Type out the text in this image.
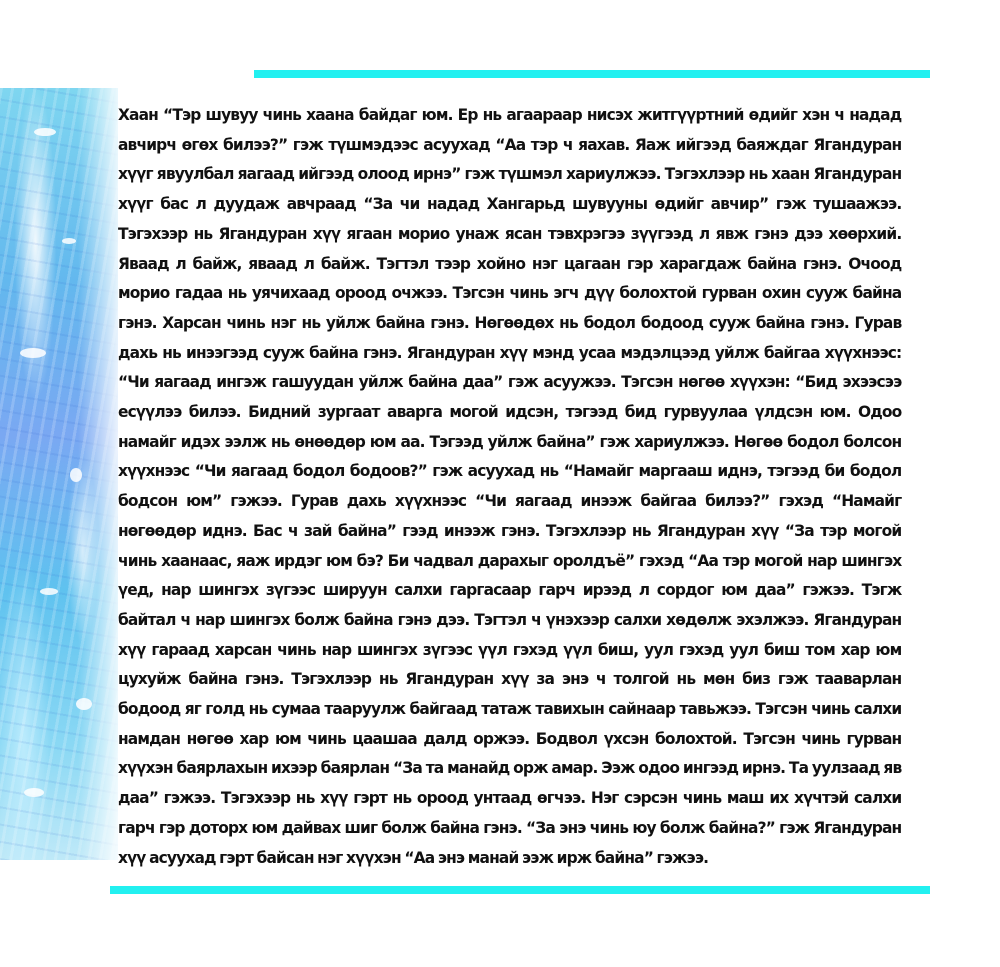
Хаан “Тэр шувуу чинь хаана байдаг юм. Ер нь агаарaap нисэх житгүүртний өдийг хэн ч надад авчирч өгөх билээ?” гэж түшмэдээс асуухад “Аа тэр ч яахав. Яаж ийгээд баяждаг Ягандуран хүүг явуулбал яагаад ийгээд олоод ирнэ” гэж түшмэл хариулжээ. Тэгэхлээр нь хаан Ягандуран хүүг бас л дуудаж авчраад “За чи надад Хангарьд шувууны өдийг авчир” гэж тушаажээ. Тэгэхээр нь Ягандуран хүү ягаан морио унаж ясан тэвхрэгээ зүүгээд л явж гэнэ дээ хөөрхий. Яваад л байж, яваад л байж. Тэгтэл тээр хойно нэг цагаан гэр харагдаж байна гэнэ. Очоод морио гадаа нь уячихаад ороод очжээ. Тэгсэн чинь эгч дүү болохтой гурван охин сууж байна гэнэ. Харсан чинь нэг нь уйлж байна гэнэ. Нөгөөдөх нь бодол бодоод сууж байна гэнэ. Гурав дахь нь инээгээд сууж байна гэнэ. Ягандуран хүү мэнд усаа мэдэлцээд уйлж байгаа хүүхнээс: “Чи яагаад ингэж гашуудан уйлж байна даа” гэж асуужээ. Тэгсэн нөгөө хүүхэн: “Бид эхээсээ есүүлээ билээ. Бидний зургаат аварга могой идсэн, тэгээд бид гурвуулаа үлдсэн юм. Одоо намайг идэх ээлж нь өнөөдөр юм аа. Тэгээд уйлж байна” гэж хариулжээ. Нөгөө бодол болсон хүүхнээс “Чи яагаад бодол бодоов?” гэж асуухад нь “Намайг маргааш иднэ, тэгээд би бодол бодсон юм” гэжээ. Гурав дахь хүүхнээс “Чи яагаад инээж байгаа билээ?” гэхэд “Намайг нөгөөдөр иднэ. Бас ч зай байна” гээд инээж гэнэ. Тэгэхлээр нь Ягандуран хүү “За тэр могой чинь хаанаас, яаж ирдэг юм бэ? Би чадвал дарахыг оролдъё” гэхэд “Аа тэр могой нар шингэх үед, нар шингэх зүгээс шируун салхи гаргасаар гарч ирээд л сордог юм даа” гэжээ. Тэгж байтал ч нар шингэх болж байна гэнэ дээ. Тэгтэл ч үнэхээр салхи хөдөлж эхэлжээ. Ягандуран хүү гараад харсан чинь нар шингэх зүгээс үүл гэхэд үүл биш, уул гэхэд уул биш том хар юм цухуйж байна гэнэ. Тэгэхлээр нь Ягандуран хүү за энэ ч толгой нь мөн биз гэж тааварлан бодоод яг голд нь сумаа тааруулж байгаад татаж тавихын сайнаар тавьжээ. Тэгсэн чинь салхи намдан нөгөө хар юм чинь цаашаа далд оржээ. Бодвол үхсэн болохтой. Тэгсэн чинь гурван хүүхэн баярлахын ихээр баярлан “За та манайд орж амар. Ээж одоо ингээд ирнэ. Та уулзаад яв даа” гэжээ. Тэгэхээр нь хүү гэрт нь ороод унтаад өгчээ. Нэг сэрсэн чинь маш их хүчтэй салхи гарч гэр доторх юм дайвах шиг болж байна гэнэ. “За энэ чинь юу болж байна?” гэж Ягандуран хүү асуухад гэрт байсан нэг хүүхэн “Аа энэ манай ээж ирж байна” гэжээ.
